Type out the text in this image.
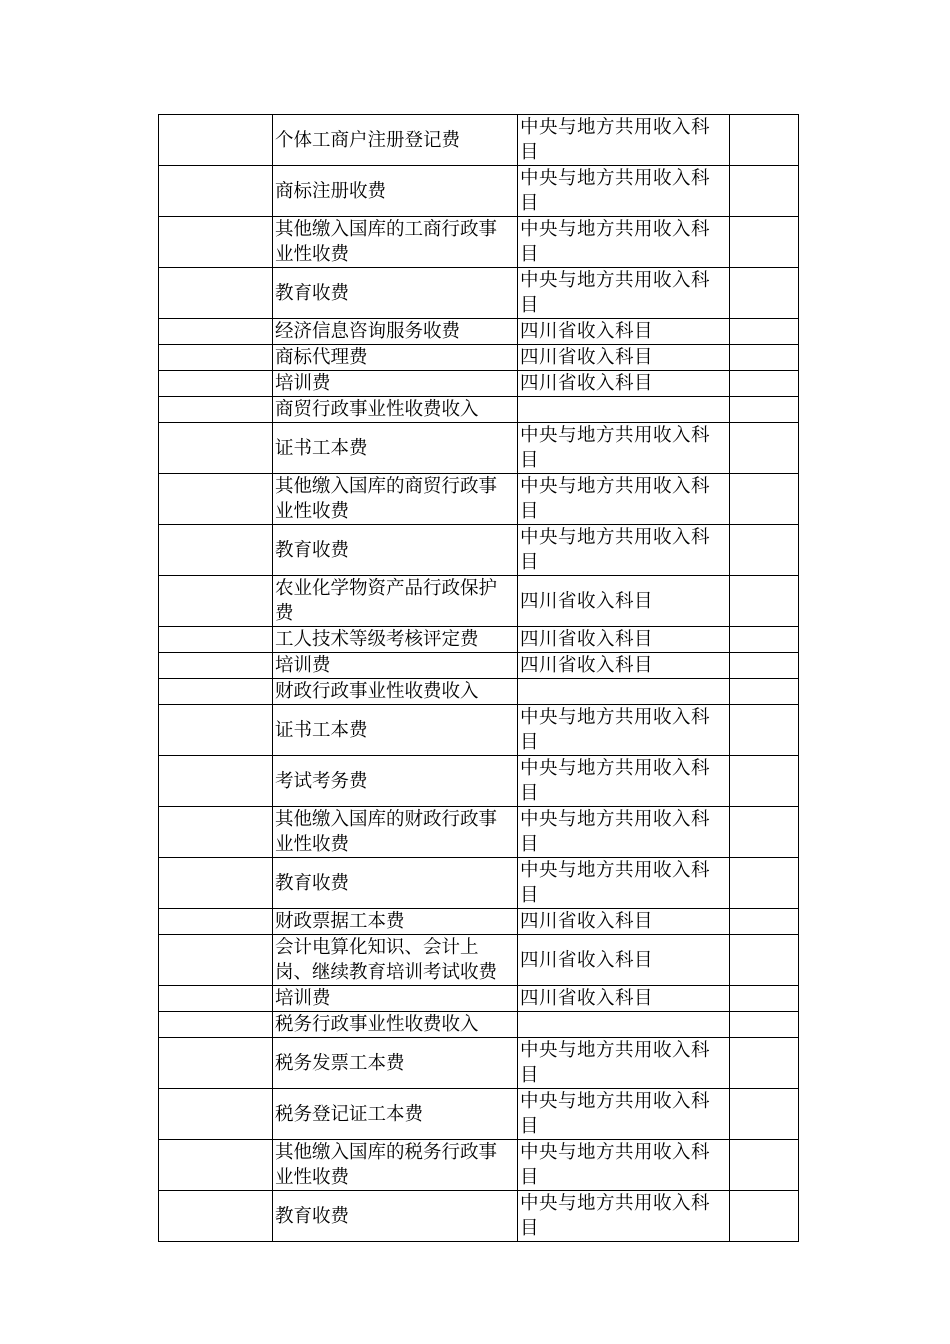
	个体工商户注册登记费	中央与地方共用收入科目	
	商标注册收费	中央与地方共用收入科目	
	其他缴入国库的工商行政事业性收费	中央与地方共用收入科目	
	教育收费	中央与地方共用收入科目	
	经济信息咨询服务收费	四川省收入科目	
	商标代理费	四川省收入科目	
	培训费	四川省收入科目	
	商贸行政事业性收费收入		
	证书工本费	中央与地方共用收入科目	
	其他缴入国库的商贸行政事业性收费	中央与地方共用收入科目	
	教育收费	中央与地方共用收入科目	
	农业化学物资产品行政保护费	四川省收入科目	
	工人技术等级考核评定费	四川省收入科目	
	培训费	四川省收入科目	
	财政行政事业性收费收入		
	证书工本费	中央与地方共用收入科目	
	考试考务费	中央与地方共用收入科目	
	其他缴入国库的财政行政事业性收费	中央与地方共用收入科目	
	教育收费	中央与地方共用收入科目	
	财政票据工本费	四川省收入科目	
	会计电算化知识、会计上岗、继续教育培训考试收费	四川省收入科目	
	培训费	四川省收入科目	
	税务行政事业性收费收入		
	税务发票工本费	中央与地方共用收入科目	
	税务登记证工本费	中央与地方共用收入科目	
	其他缴入国库的税务行政事业性收费	中央与地方共用收入科目	
	教育收费	中央与地方共用收入科目	
